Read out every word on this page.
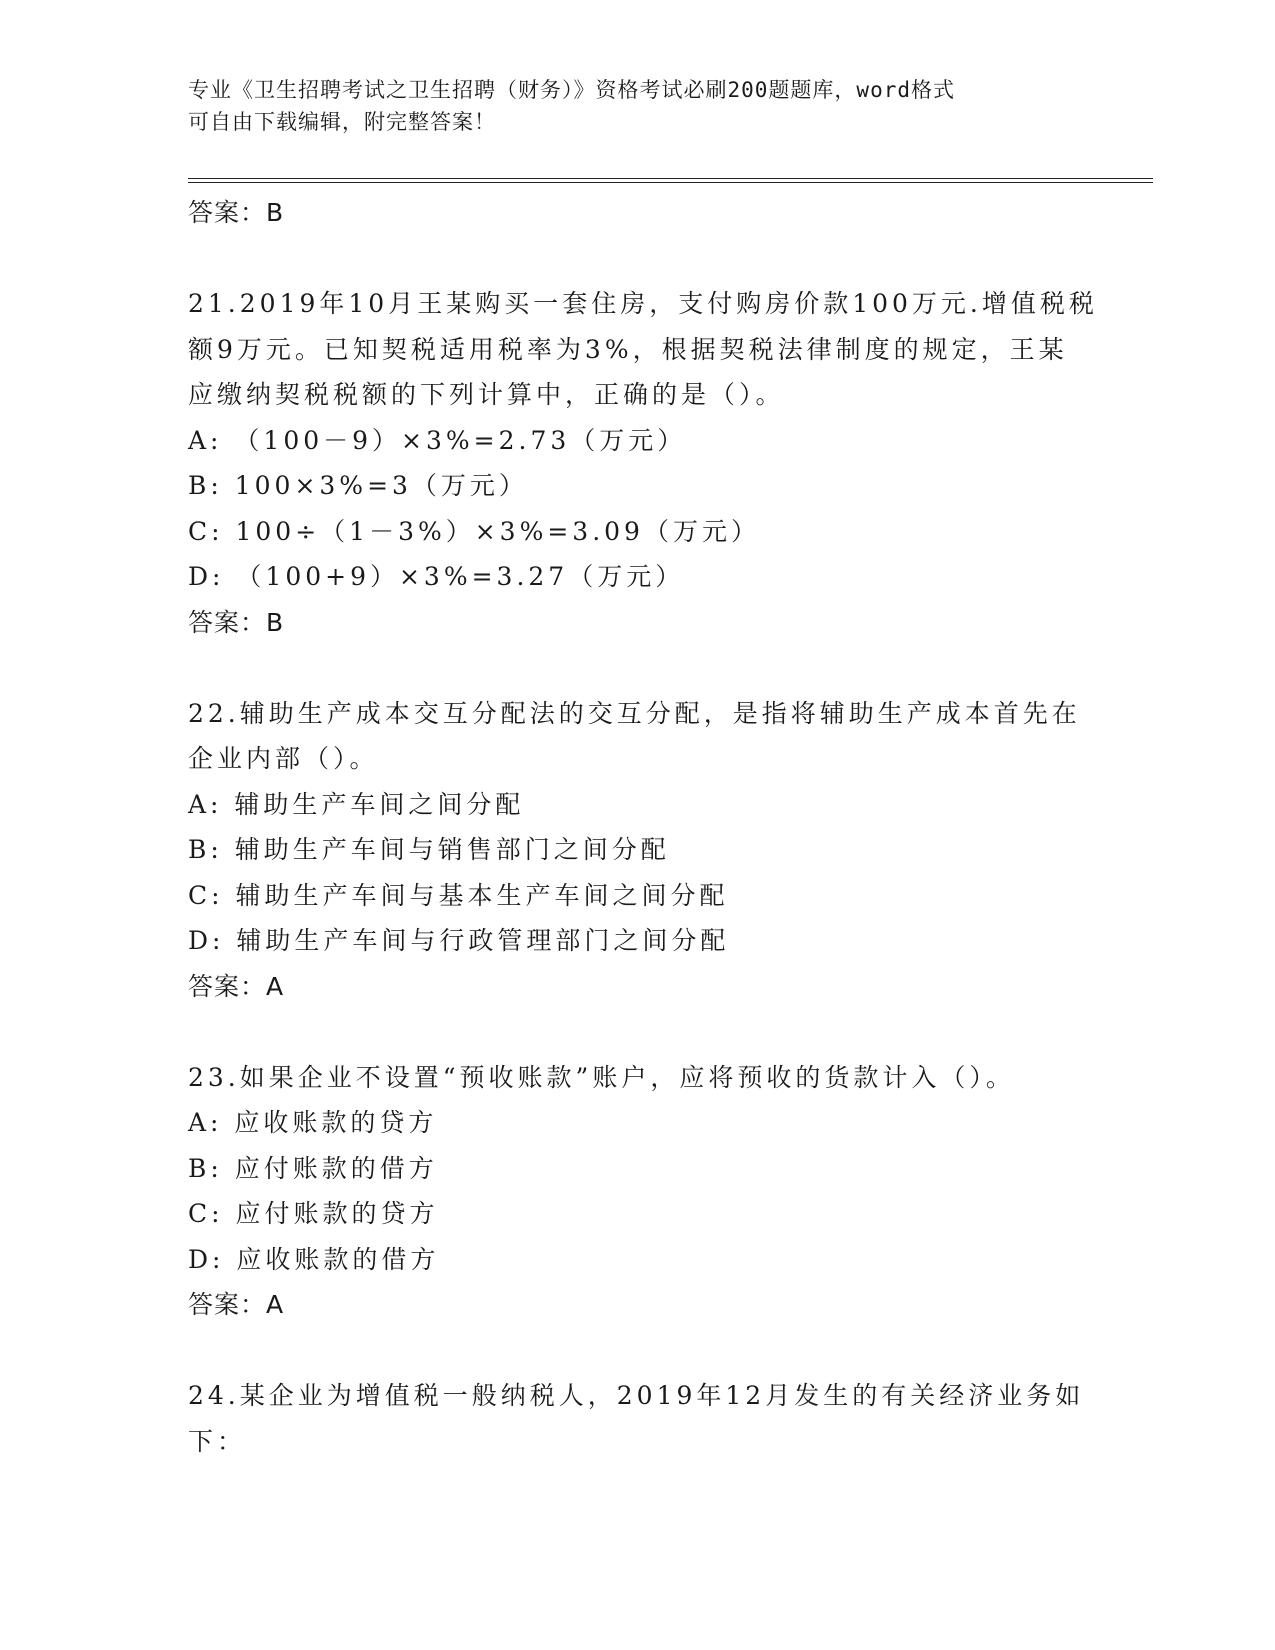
专业《卫生招聘考试之卫生招聘（财务）》资格考试必刷200题题库，word格式
可自由下载编辑，附完整答案！
答案：B
21.2019年10月王某购买一套住房，支付购房价款100万元.增值税税
额9万元。已知契税适用税率为3%，根据契税法律制度的规定，王某
应缴纳契税税额的下列计算中，正确的是（）。
A: （100－9）×3%=2.73（万元）
B: 100×3%=3（万元）
C: 100÷（1－3%）×3%=3.09（万元）
D: （100+9）×3%=3.27（万元）
答案：B
22.辅助生产成本交互分配法的交互分配，是指将辅助生产成本首先在
企业内部（）。
A: 辅助生产车间之间分配
B: 辅助生产车间与销售部门之间分配
C: 辅助生产车间与基本生产车间之间分配
D: 辅助生产车间与行政管理部门之间分配
答案：A
23.如果企业不设置“预收账款”账户，应将预收的货款计入（）。
A: 应收账款的贷方
B: 应付账款的借方
C: 应付账款的贷方
D: 应收账款的借方
答案：A
24.某企业为增值税一般纳税人，2019年12月发生的有关经济业务如
下：
